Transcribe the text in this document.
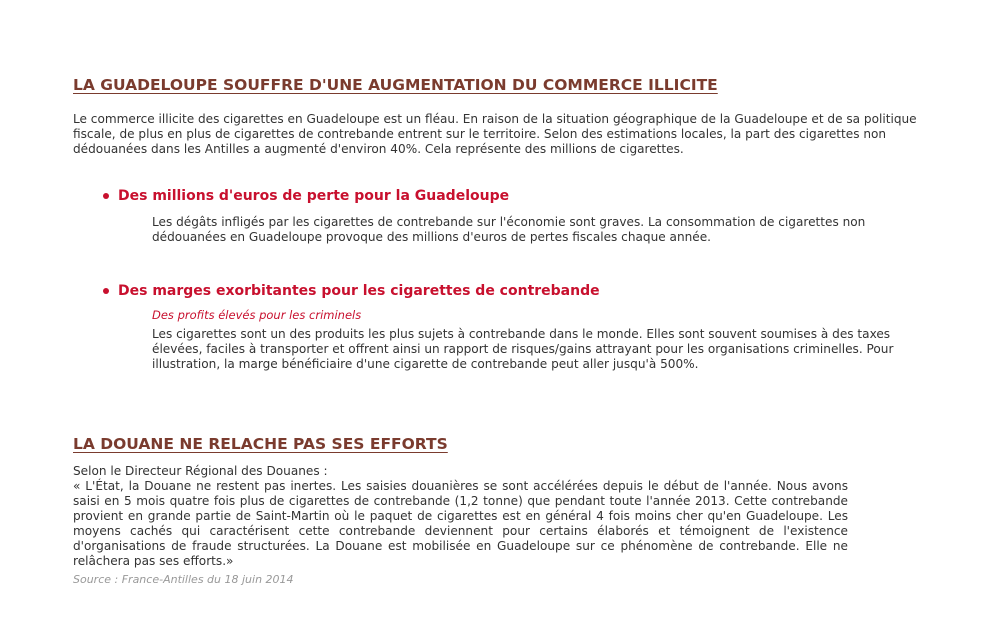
LA GUADELOUPE SOUFFRE D'UNE AUGMENTATION DU COMMERCE ILLICITE

Le commerce illicite des cigarettes en Guadeloupe est un fléau. En raison de la situation géographique de la Guadeloupe et de sa politique fiscale, de plus en plus de cigarettes de contrebande entrent sur le territoire. Selon des estimations locales, la part des cigarettes non dédouanées dans les Antilles a augmenté d'environ 40%. Cela représente des millions de cigarettes.

Des millions d'euros de perte pour la Guadeloupe

Les dégâts infligés par les cigarettes de contrebande sur l'économie sont graves. La consommation de cigarettes non dédouanées en Guadeloupe provoque des millions d'euros de pertes fiscales chaque année.

Des marges exorbitantes pour les cigarettes de contrebande
Des profits élevés pour les criminels

Les cigarettes sont un des produits les plus sujets à contrebande dans le monde. Elles sont souvent soumises à des taxes élevées, faciles à transporter et offrent ainsi un rapport de risques/gains attrayant pour les organisations criminelles. Pour illustration, la marge bénéficiaire d'une cigarette de contrebande peut aller jusqu'à 500%.

LA DOUANE NE RELACHE PAS SES EFFORTS

Selon le Directeur Régional des Douanes :

« L'État, la Douane ne restent pas inertes. Les saisies douanières se sont accélérées depuis le début de l'année. Nous avons saisi en 5 mois quatre fois plus de cigarettes de contrebande (1,2 tonne) que pendant toute l'année 2013. Cette contrebande provient en grande partie de Saint-Martin où le paquet de cigarettes est en général 4 fois moins cher qu'en Guadeloupe. Les moyens cachés qui caractérisent cette contrebande deviennent pour certains élaborés et témoignent de l'existence d'organisations de fraude structurées. La Douane est mobilisée en Guadeloupe sur ce phénomène de contrebande. Elle ne relâchera pas ses efforts.»

Source : France-Antilles du 18 juin 2014
